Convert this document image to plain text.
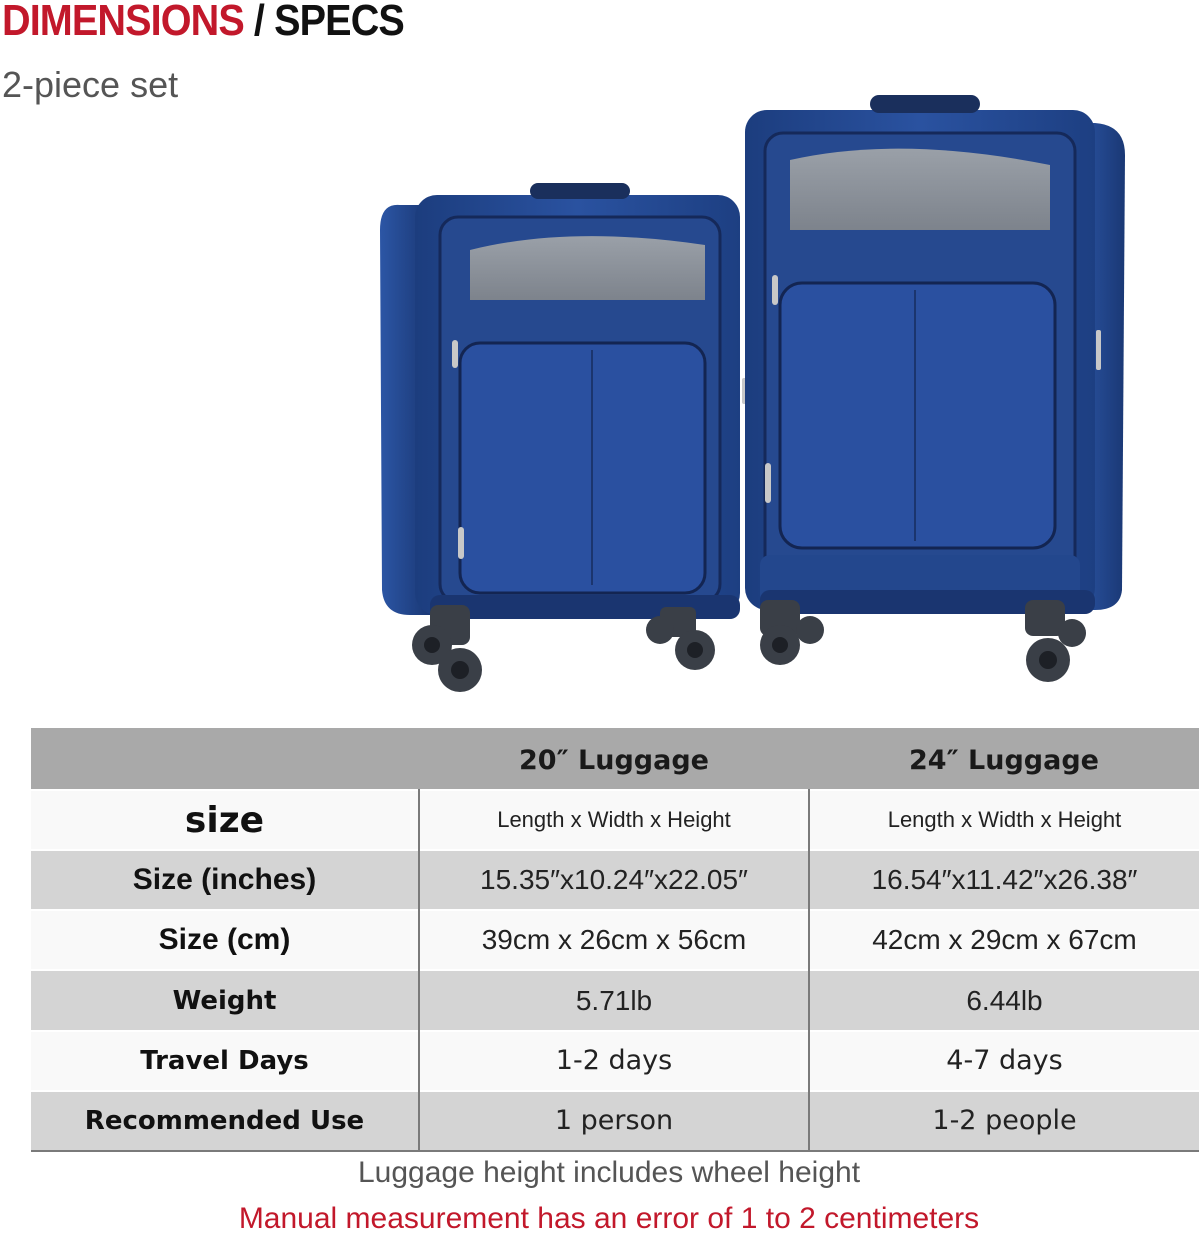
DIMENSIONS / SPECS
2-piece set
	20″ Luggage	24″ Luggage
size	Length x Width x Height	Length x Width x Height
Size (inches)	15.35″x10.24″x22.05″	16.54″x11.42″x26.38″
Size (cm)	39cm x 26cm x 56cm	42cm x 29cm x 67cm
Weight	5.71lb	6.44lb
Travel Days	1-2 days	4-7 days
Recommended Use	1 person	1-2 people
Luggage height includes wheel height
Manual measurement has an error of 1 to 2 centimeters
